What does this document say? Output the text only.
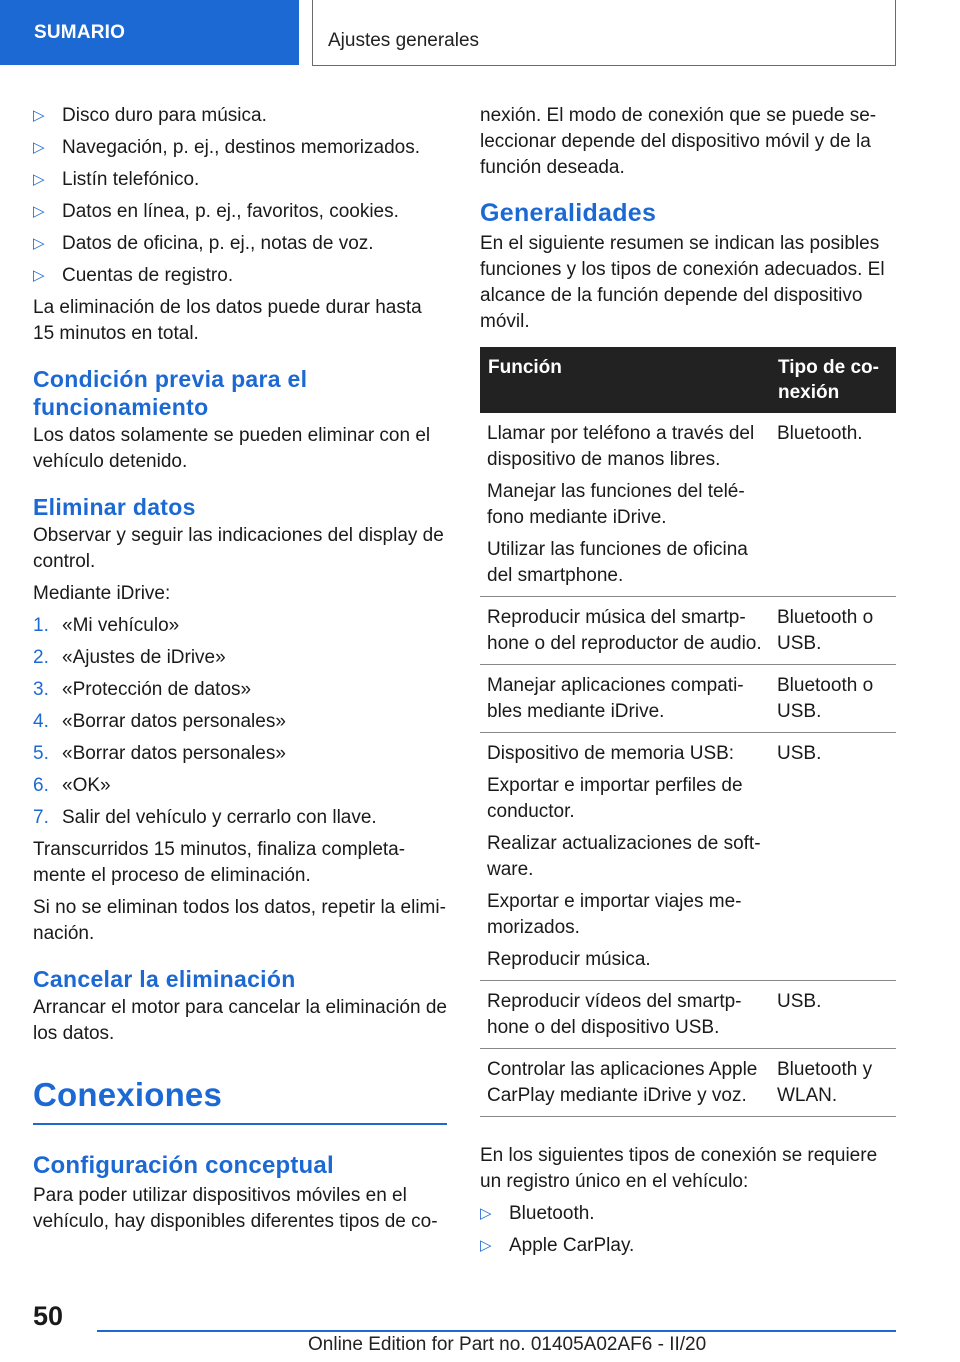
SUMARIO	Ajustes generales
▷ Disco duro para música.
▷ Navegación, p. ej., destinos memorizados.
▷ Listín telefónico.
▷ Datos en línea, p. ej., favoritos, cookies.
▷ Datos de oficina, p. ej., notas de voz.
▷ Cuentas de registro.

La eliminación de los datos puede durar hasta 15 minutos en total.

Condición previa para el funcionamiento

Los datos solamente se pueden eliminar con el vehículo detenido.

Eliminar datos

Observar y seguir las indicaciones del display de control.

Mediante iDrive:

1. «Mi vehículo»
2. «Ajustes de iDrive»
3. «Protección de datos»
4. «Borrar datos personales»
5. «Borrar datos personales»
6. «OK»
7. Salir del vehículo y cerrarlo con llave.

Transcurridos 15 minutos, finaliza completa-mente el proceso de eliminación.

Si no se eliminan todos los datos, repetir la elimi-nación.

Cancelar la eliminación

Arrancar el motor para cancelar la eliminación de los datos.

Conexiones
Configuración conceptual

Para poder utilizar dispositivos móviles en el vehículo, hay disponibles diferentes tipos de co-

nexión. El modo de conexión que se puede se-leccionar depende del dispositivo móvil y de la función deseada.

Generalidades

En el siguiente resumen se indican las posibles funciones y los tipos de conexión adecuados. El alcance de la función depende del dispositivo móvil.

Función	Tipo de co-nexión

Llamar por teléfono a través del dispositivo de manos libres.
Manejar las funciones del telé-fono mediante iDrive.
Utilizar las funciones de oficina del smartphone.	Bluetooth.

Reproducir música del smartp-hone o del reproductor de audio.	Bluetooth o USB.

Manejar aplicaciones compati-bles mediante iDrive.	Bluetooth o USB.

Dispositivo de memoria USB:
Exportar e importar perfiles de conductor.
Realizar actualizaciones de soft-ware.
Exportar e importar viajes me-morizados.
Reproducir música.	USB.

Reproducir vídeos del smartp-hone o del dispositivo USB.	USB.

Controlar las aplicaciones Apple CarPlay mediante iDrive y voz.	Bluetooth y WLAN.

En los siguientes tipos de conexión se requiere un registro único en el vehículo:

▷ Bluetooth.
▷ Apple CarPlay.
50
Online Edition for Part no. 01405A02AF6 - II/20
